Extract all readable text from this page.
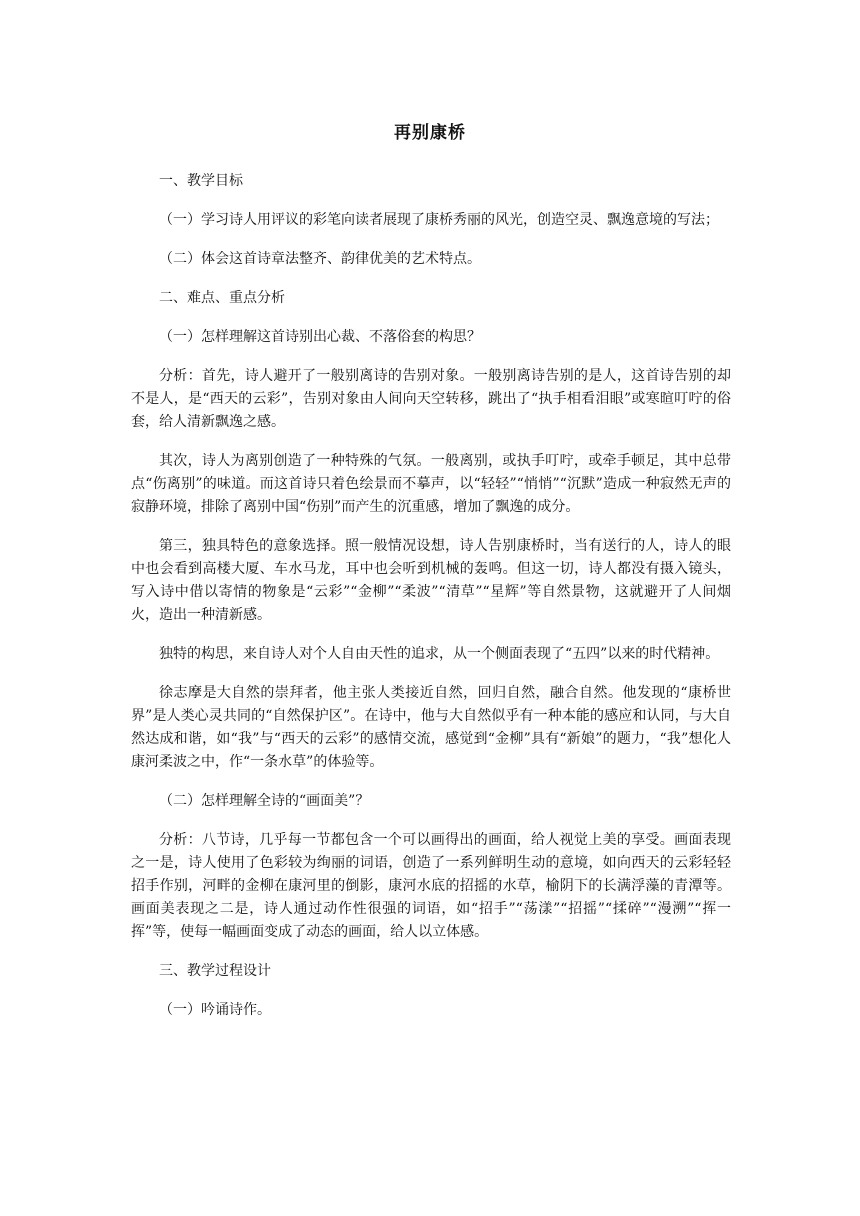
再别康桥

一、教学目标

（一）学习诗人用评议的彩笔向读者展现了康桥秀丽的风光，创造空灵、飘逸意境的写法；

（二）体会这首诗章法整齐、韵律优美的艺术特点。

二、难点、重点分析

（一）怎样理解这首诗别出心裁、不落俗套的构思？

分析：首先，诗人避开了一般别离诗的告别对象。一般别离诗告别的是人，这首诗告别的却不是人，是“西天的云彩”，告别对象由人间向天空转移，跳出了“执手相看泪眼”或寒暄叮咛的俗套，给人清新飘逸之感。

其次，诗人为离别创造了一种特殊的气氛。一般离别，或执手叮咛，或牵手顿足，其中总带点“伤离别”的味道。而这首诗只着色绘景而不摹声，以“轻轻”“悄悄”“沉默”造成一种寂然无声的寂静环境，排除了离别中国“伤别”而产生的沉重感，增加了飘逸的成分。

第三，独具特色的意象选择。照一般情况设想，诗人告别康桥时，当有送行的人，诗人的眼中也会看到高楼大厦、车水马龙，耳中也会听到机械的轰鸣。但这一切，诗人都没有摄入镜头，写入诗中借以寄情的物象是“云彩”“金柳”“柔波”“清草”“星辉”等自然景物，这就避开了人间烟火，造出一种清新感。

独特的构思，来自诗人对个人自由天性的追求，从一个侧面表现了“五四”以来的时代精神。

徐志摩是大自然的崇拜者，他主张人类接近自然，回归自然，融合自然。他发现的“康桥世界”是人类心灵共同的“自然保护区”。在诗中，他与大自然似乎有一种本能的感应和认同，与大自然达成和谐，如“我”与“西天的云彩”的感情交流，感觉到“金柳”具有“新娘”的题力，“我”想化人康河柔波之中，作“一条水草”的体验等。

（二）怎样理解全诗的“画面美”？

分析：八节诗，几乎每一节都包含一个可以画得出的画面，给人视觉上美的享受。画面表现之一是，诗人使用了色彩较为绚丽的词语，创造了一系列鲜明生动的意境，如向西天的云彩轻轻招手作别，河畔的金柳在康河里的倒影，康河水底的招摇的水草，榆阴下的长满浮藻的青潭等。画面美表现之二是，诗人通过动作性很强的词语，如“招手”“荡漾”“招摇”“揉碎”“漫溯”“挥一挥”等，使每一幅画面变成了动态的画面，给人以立体感。

三、教学过程设计

（一）吟诵诗作。
